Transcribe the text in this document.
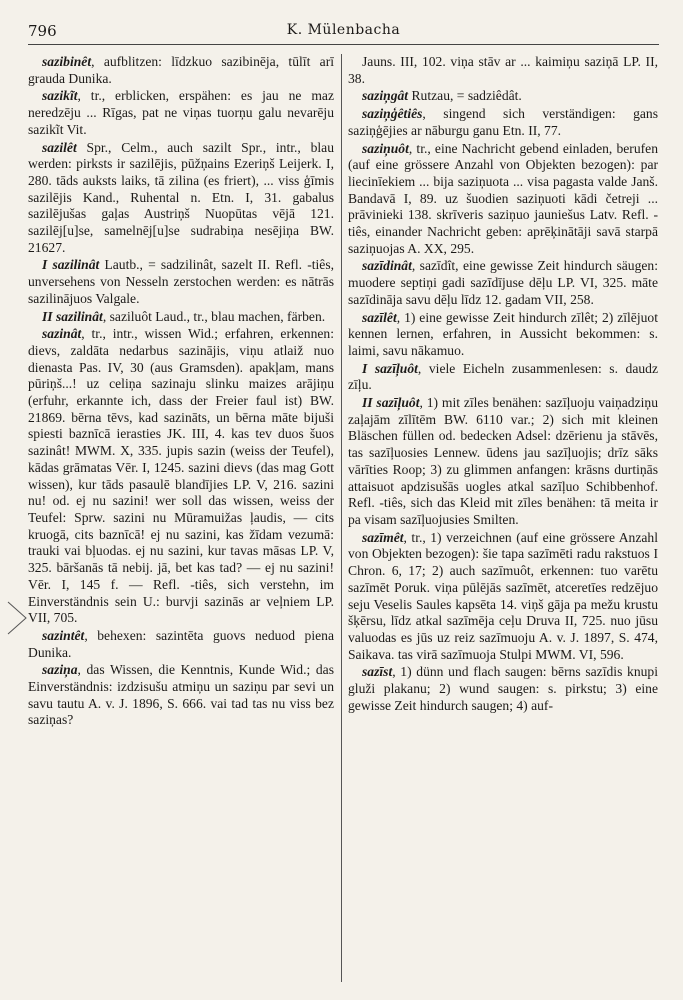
796	K. Mülenbacha

sazibinêt, aufblitzen: līdzkuo sazibinēja, tūlīt arī grauda Dunika.

sazikĩt, tr., erblicken, erspähen: es jau ne maz neredzēju ... Rīgas, pat ne viņas tuorņu galu nevarēju sazikĩt Vit.

sazilêt Spr., Celm., auch sazilt Spr., intr., blau werden: pirksts ir sazilējis, pūžņains Ezeriņš Leijerk. I, 280. tāds auksts laiks, tā zilina (es friert), ... viss ģīmis sazilējis Kand., Ruhental n. Etn. I, 31. gabalus sazilējušas gaļas Austriņš Nuopūtas vējā 121. sazilēj[u]se, samelnēj[u]se sudrabiņa nesējiņa BW. 21627.

I sazilinât Lautb., = sadzilinât, sazelt II. Refl. -tiês, unversehens von Nesseln zerstochen werden: es nātrās sazilinājuos Valgale.

II sazilinât, saziluôt Laud., tr., blau machen, färben.

sazinât, tr., intr., wissen Wid.; erfahren, erkennen: dievs, zaldāta nedarbus sazinājis, viņu atlaiž nuo dienasta Pas. IV, 30 (aus Gramsden). apakļam, mans pūriņš...! uz celiņa sazinaju slinku maizes arājiņu (erfuhr, erkannte ich, dass der Freier faul ist) BW. 21869. bērna tēvs, kad sazināts, un bērna māte bijuši spiesti baznīcā ierasties JK. III, 4. kas tev duos šuos sazinât! MWM. X, 335. jupis sazin (weiss der Teufel), kādas grāmatas Vēr. I, 1245. sazini dievs (das mag Gott wissen), kur tāds pasaulē blandījies LP. V, 216. sazini nu! od. ej nu sazini! wer soll das wissen, weiss der Teufel: Sprw. sazini nu Mūramuižas ļaudis, — cits kruogā, cits baznīcā! ej nu sazini, kas žīdam vezumā: trauki vai bļuodas. ej nu sazini, kur tavas māsas LP. V, 325. bāršanās tā nebij. jā, bet kas tad? — ej nu sazini! Vēr. I, 145 f. — Refl. -tiês, sich verstehn, im Einverständnis sein U.: burvji sazinās ar veļniem LP. VII, 705.

sazintêt, behexen: sazintēta guovs neduod piena Dunika.

saziņa, das Wissen, die Kenntnis, Kunde Wid.; das Einverständnis: izdzisušu atmiņu un saziņu par sevi un savu tautu A. v. J. 1896, S. 666. vai tad tas nu viss bez saziņas?

Jauns. III, 102. viņa stāv ar ... kaimiņu saziņā LP. II, 38.

saziņgât Rutzau, = sadziêdât.

saziņģêtiês, singend sich verständigen: gans saziņģējies ar nāburgu ganu Etn. II, 77.

saziņuôt, tr., eine Nachricht gebend einladen, berufen (auf eine grössere Anzahl von Objekten bezogen): par liecinīekiem ... bija saziņuota ... visa pagasta valde Janš. Bandavā I, 89. uz šuodien saziņuoti kādi četreji ... prāvinieki 138. skrīveris saziņuo jauniešus Latv. Refl. -tiês, einander Nachricht geben: aprēķinātāji savā starpā saziņuojas A. XX, 295.

sazīdinât, sazīdît, eine gewisse Zeit hindurch säugen: muodere septiņi gadi sazīdījuse dēļu LP. VI, 325. māte sazīdināja savu dēļu līdz 12. gadam VII, 258.

sazīlêt, 1) eine gewisse Zeit hindurch zīlêt; 2) zīlējuot kennen lernen, erfahren, in Aussicht bekommen: s. laimi, savu nākamuo.

I sazīļuôt, viele Eicheln zusammenlesen: s. daudz zīļu.

II sazīļuôt, 1) mit zīles benähen: sazīļuoju vaiņadziņu zaļajām zīlītēm BW. 6110 var.; 2) sich mit kleinen Bläschen füllen od. bedecken Adsel: dzērienu ja stāvēs, tas sazīļuosies Lennew. ūdens jau sazīļuojis; drīz sāks vārīties Roop; 3) zu glimmen anfangen: krāsns durtiņās attaisuot apdzisušās uogles atkal sazīļuo Schibbenhof. Refl. -tiês, sich das Kleid mit zīles benähen: tā meita ir pa visam sazīļuojusies Smilten.

sazīmêt, tr., 1) verzeichnen (auf eine grössere Anzahl von Objekten bezogen): šie tapa sazīmēti radu rakstuos I Chron. 6, 17; 2) auch sazīmuôt, erkennen: tuo varētu sazīmēt Poruk. viņa pūlējās sazīmēt, atceretīes redzējuo seju Veselis Saules kapsēta 14. viņš gāja pa mežu krustu šķērsu, līdz atkal sazīmēja ceļu Druva II, 725. nuo jūsu valuodas es jūs uz reiz sazīmuoju A. v. J. 1897, S. 474, Saikava. tas virā sazīmuoja Stulpi MWM. VI, 596.

sazīst, 1) dünn und flach saugen: bērns sazīdis knupi gluži plakanu; 2) wund saugen: s. pirkstu; 3) eine gewisse Zeit hindurch saugen; 4) auf-
